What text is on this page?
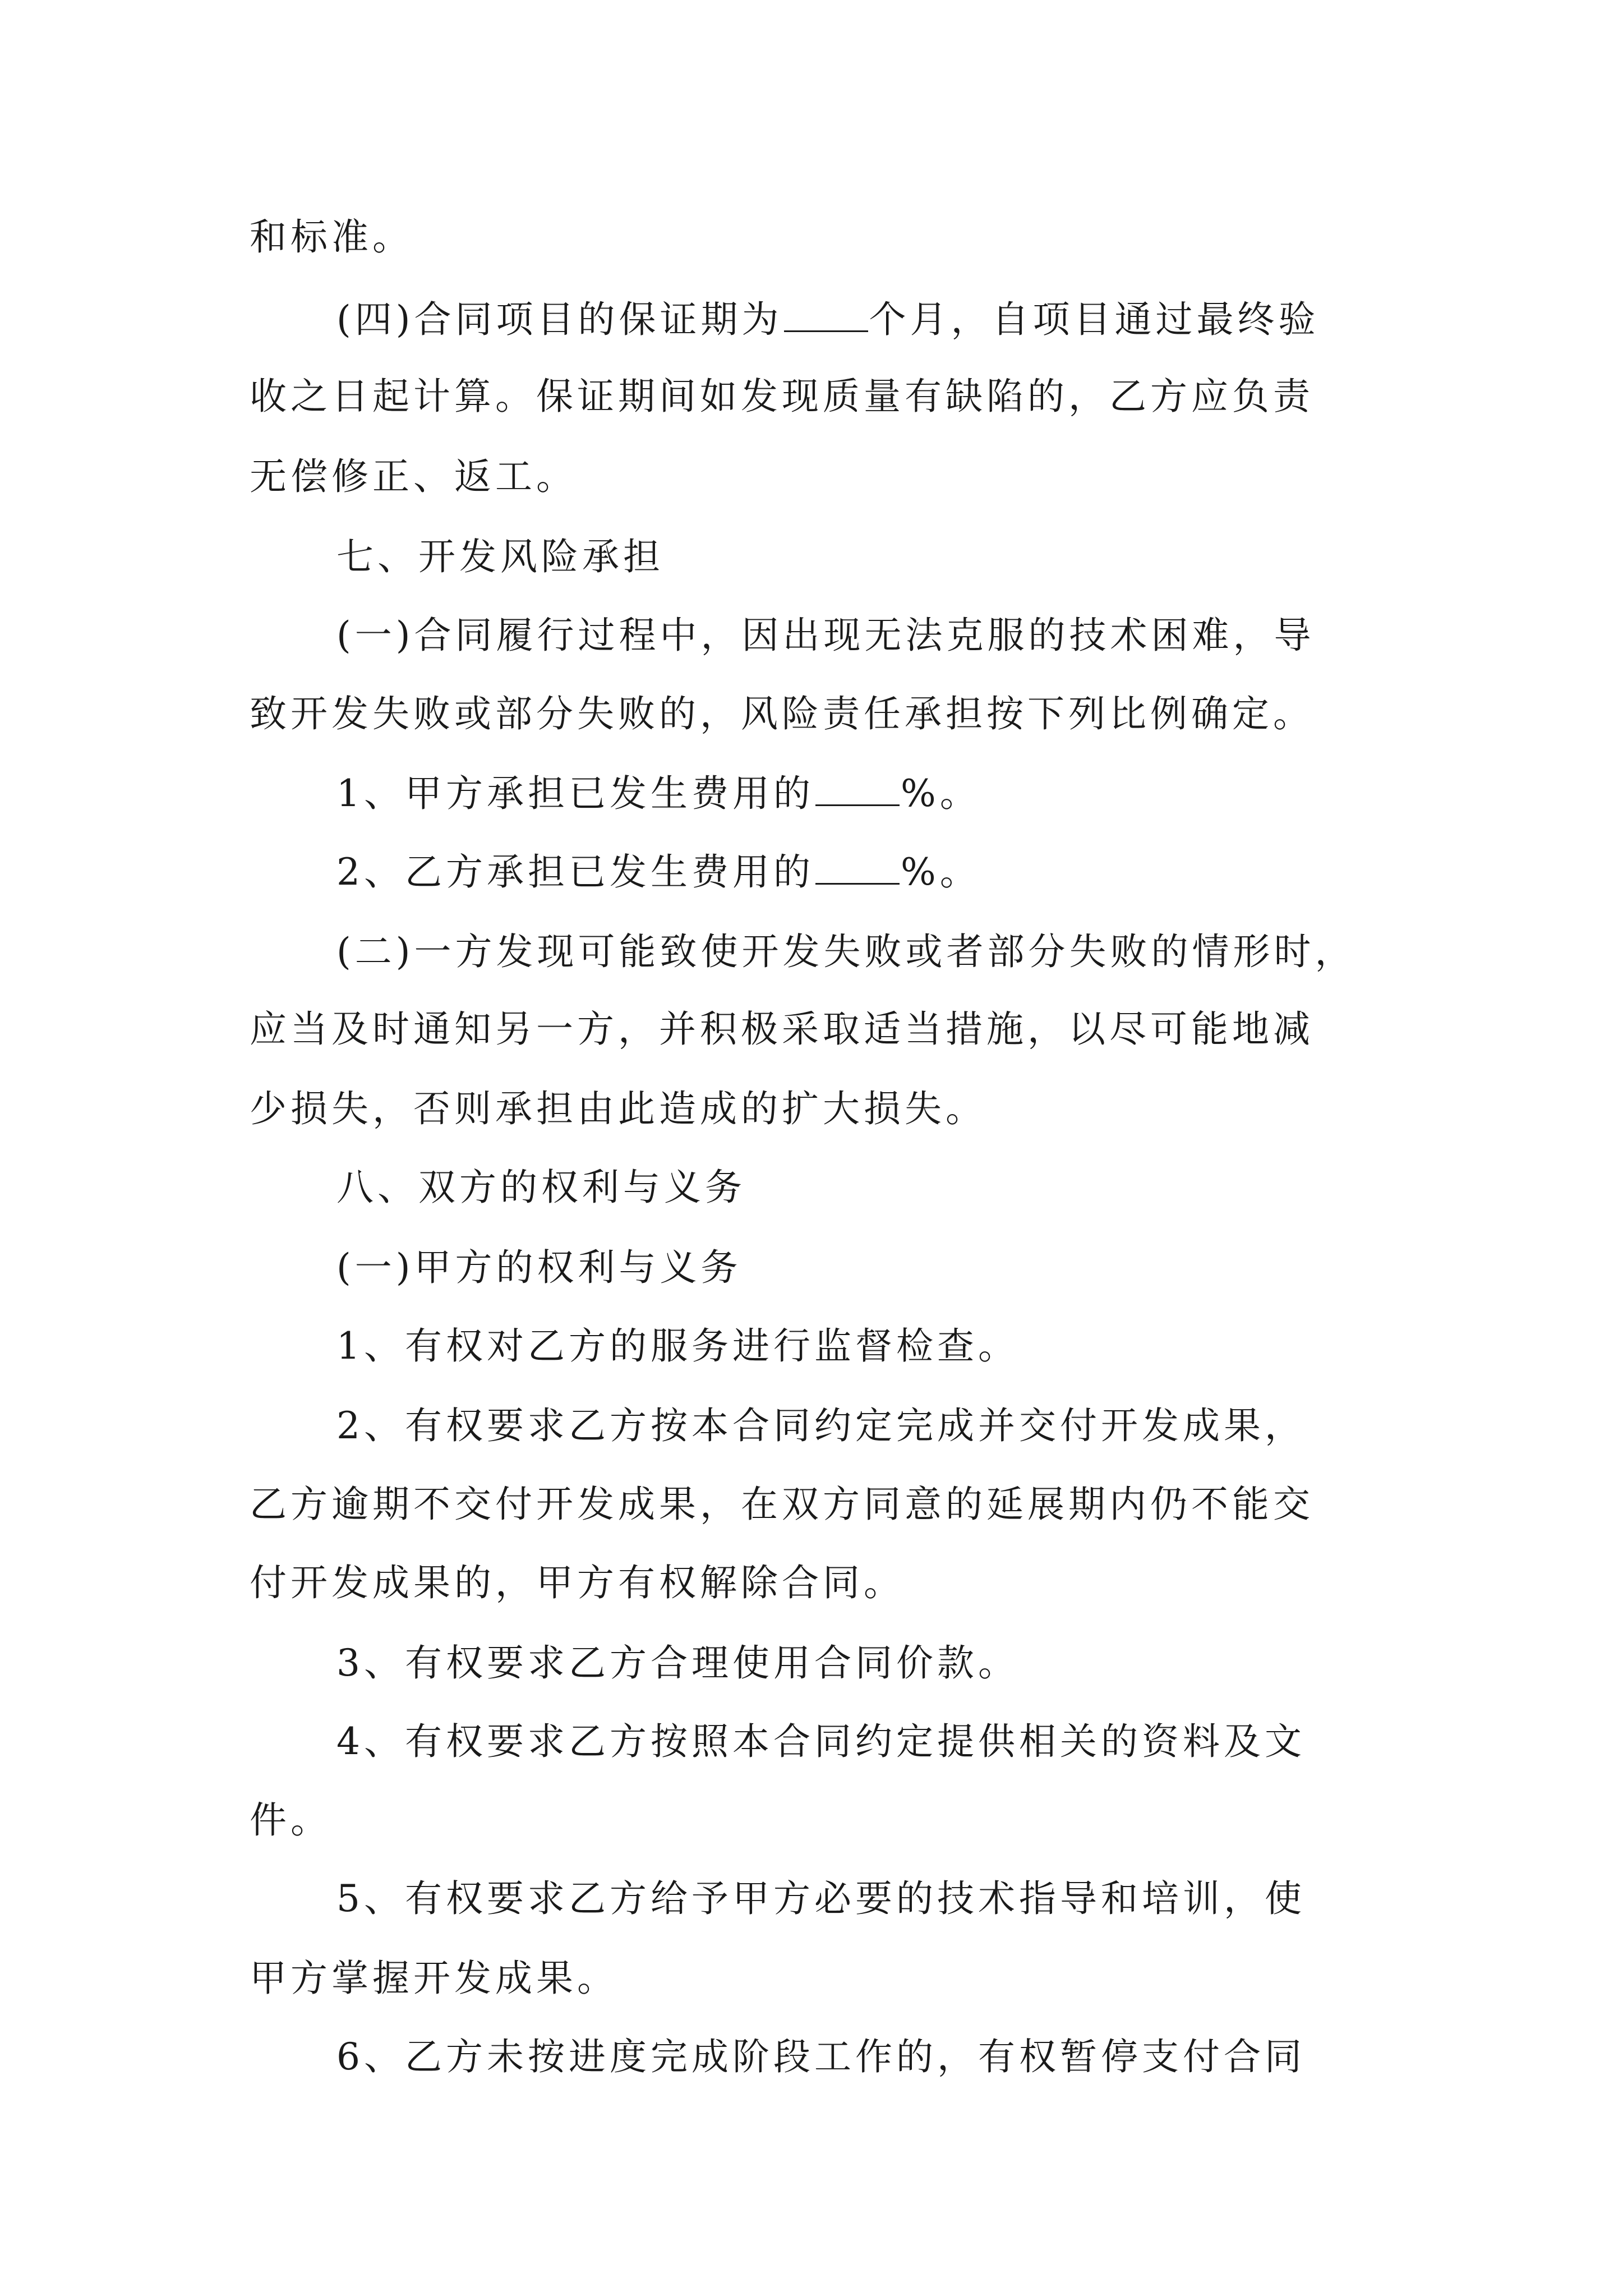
和标准。
(四)合同项目的保证期为 个月，自项目通过最终验
收之日起计算。保证期间如发现质量有缺陷的，乙方应负责
无偿修正、返工。
七、开发风险承担
(一)合同履行过程中，因出现无法克服的技术困难，导
致开发失败或部分失败的，风险责任承担按下列比例确定。
1、甲方承担已发生费用的 %。
2、乙方承担已发生费用的 %。
(二)一方发现可能致使开发失败或者部分失败的情形时，
应当及时通知另一方，并积极采取适当措施，以尽可能地减
少损失，否则承担由此造成的扩大损失。
八、双方的权利与义务
(一)甲方的权利与义务
1、有权对乙方的服务进行监督检查。
2、有权要求乙方按本合同约定完成并交付开发成果，
乙方逾期不交付开发成果，在双方同意的延展期内仍不能交
付开发成果的，甲方有权解除合同。
3、有权要求乙方合理使用合同价款。
4、有权要求乙方按照本合同约定提供相关的资料及文
件。
5、有权要求乙方给予甲方必要的技术指导和培训，使
甲方掌握开发成果。
6、乙方未按进度完成阶段工作的，有权暂停支付合同
